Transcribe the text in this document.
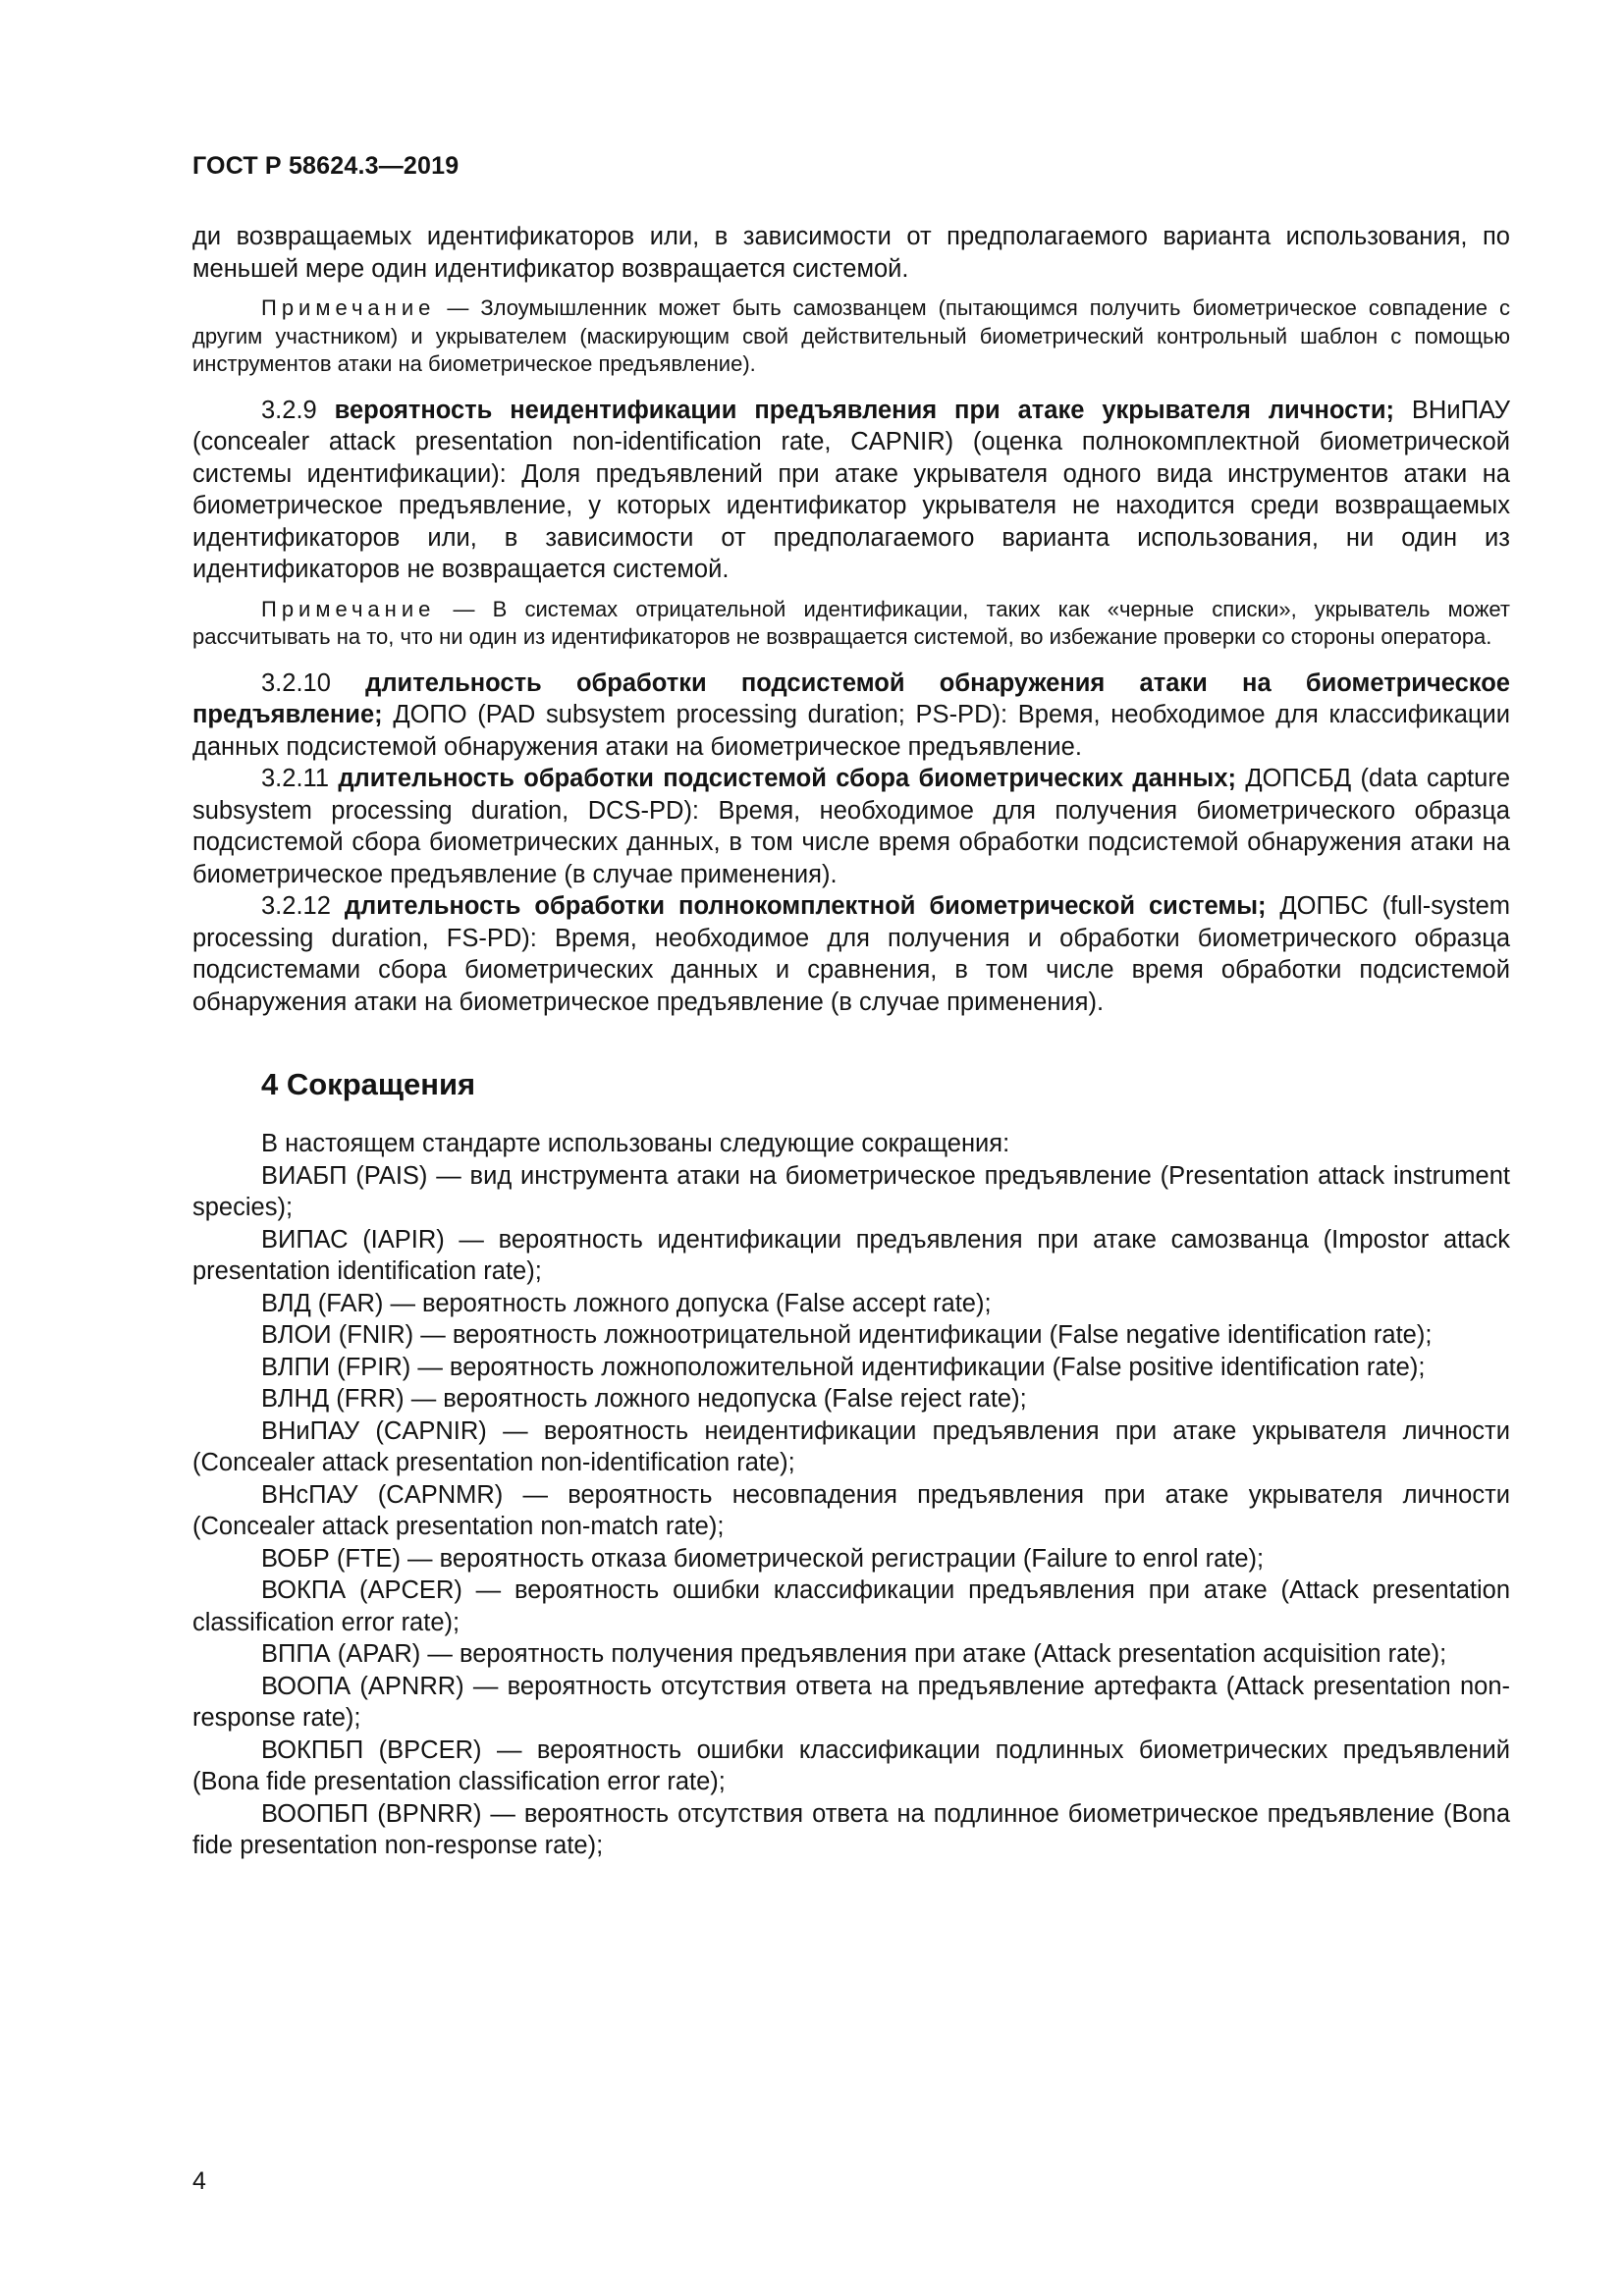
ГОСТ Р 58624.3—2019

ди возвращаемых идентификаторов или, в зависимости от предполагаемого варианта использования, по меньшей мере один идентификатор возвращается системой.

Примечание — Злоумышленник может быть самозванцем (пытающимся получить биометрическое совпадение с другим участником) и укрывателем (маскирующим свой действительный биометрический контрольный шаблон с помощью инструментов атаки на биометрическое предъявление).

3.2.9 вероятность неидентификации предъявления при атаке укрывателя личности; ВНиПАУ (concealer attack presentation non-identification rate, CAPNIR) (оценка полнокомплектной биометрической системы идентификации): Доля предъявлений при атаке укрывателя одного вида инструментов атаки на биометрическое предъявление, у которых идентификатор укрывателя не находится среди возвращаемых идентификаторов или, в зависимости от предполагаемого варианта использования, ни один из идентификаторов не возвращается системой.

Примечание — В системах отрицательной идентификации, таких как «черные списки», укрыватель может рассчитывать на то, что ни один из идентификаторов не возвращается системой, во избежание проверки со стороны оператора.

3.2.10 длительность обработки подсистемой обнаружения атаки на биометрическое предъявление; ДОПО (PAD subsystem processing duration; PS-PD): Время, необходимое для классификации данных подсистемой обнаружения атаки на биометрическое предъявление.

3.2.11 длительность обработки подсистемой сбора биометрических данных; ДОПСБД (data capture subsystem processing duration, DCS-PD): Время, необходимое для получения биометрического образца подсистемой сбора биометрических данных, в том числе время обработки подсистемой обнаружения атаки на биометрическое предъявление (в случае применения).

3.2.12 длительность обработки полнокомплектной биометрической системы; ДОПБС (full-system processing duration, FS-PD): Время, необходимое для получения и обработки биометрического образца подсистемами сбора биометрических данных и сравнения, в том числе время обработки подсистемой обнаружения атаки на биометрическое предъявление (в случае применения).

4 Сокращения

В настоящем стандарте использованы следующие сокращения:

ВИАБП (PAIS) — вид инструмента атаки на биометрическое предъявление (Presentation attack instrument species);

ВИПАС (IAPIR) — вероятность идентификации предъявления при атаке самозванца (Impostor attack presentation identification rate);

ВЛД (FAR) — вероятность ложного допуска (False accept rate);

ВЛОИ (FNIR) — вероятность ложноотрицательной идентификации (False negative identification rate);

ВЛПИ (FPIR) — вероятность ложноположительной идентификации (False positive identification rate);

ВЛНД (FRR) — вероятность ложного недопуска (False reject rate);

ВНиПАУ (CAPNIR) — вероятность неидентификации предъявления при атаке укрывателя личности (Concealer attack presentation non-identification rate);

ВНсПАУ (CAPNMR) — вероятность несовпадения предъявления при атаке укрывателя личности (Concealer attack presentation non-match rate);

ВОБР (FTE) — вероятность отказа биометрической регистрации (Failure to enrol rate);

ВОКПА (APCER) — вероятность ошибки классификации предъявления при атаке (Attack presentation classification error rate);

ВППА (APAR) — вероятность получения предъявления при атаке (Attack presentation acquisition rate);

ВООПА (APNRR) — вероятность отсутствия ответа на предъявление артефакта (Attack presentation non-response rate);

ВОКПБП (BPCER) — вероятность ошибки классификации подлинных биометрических предъявлений (Bona fide presentation classification error rate);

ВООПБП (BPNRR) — вероятность отсутствия ответа на подлинное биометрическое предъявление (Bona fide presentation non-response rate);

4
